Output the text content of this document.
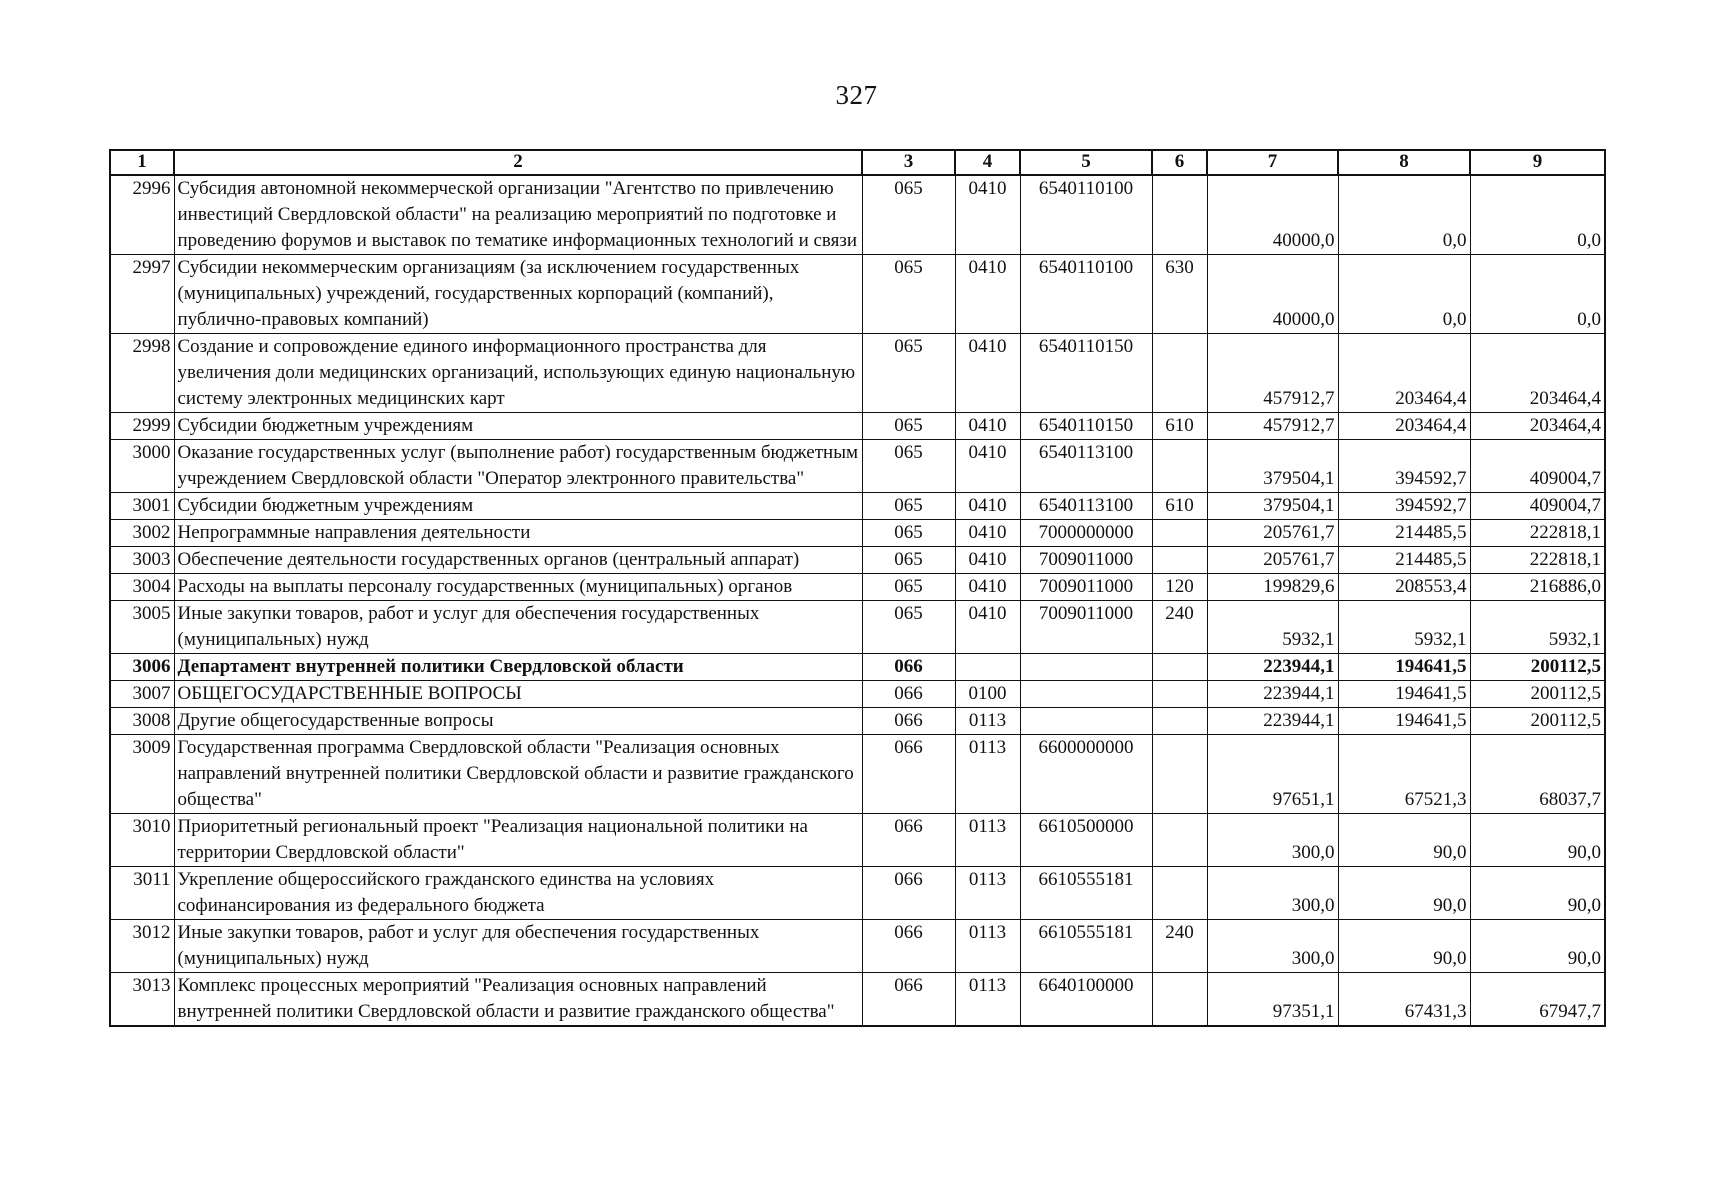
327
1	2	3	4	5	6	7	8	9
2996	Субсидия автономной некоммерческой организации "Агентство по привлечению инвестиций Свердловской области" на реализацию мероприятий по подготовке и проведению форумов и выставок по тематике информационных технологий и связи	065	0410	6540110100		40000,0	0,0	0,0
2997	Субсидии некоммерческим организациям (за исключением государственных (муниципальных) учреждений, государственных корпораций (компаний), публично-правовых компаний)	065	0410	6540110100	630	40000,0	0,0	0,0
2998	Создание и сопровождение единого информационного пространства для увеличения доли медицинских организаций, использующих единую национальную систему электронных медицинских карт	065	0410	6540110150		457912,7	203464,4	203464,4
2999	Субсидии бюджетным учреждениям	065	0410	6540110150	610	457912,7	203464,4	203464,4
3000	Оказание государственных услуг (выполнение работ) государственным бюджетным учреждением Свердловской области "Оператор электронного правительства"	065	0410	6540113100		379504,1	394592,7	409004,7
3001	Субсидии бюджетным учреждениям	065	0410	6540113100	610	379504,1	394592,7	409004,7
3002	Непрограммные направления деятельности	065	0410	7000000000		205761,7	214485,5	222818,1
3003	Обеспечение деятельности государственных органов (центральный аппарат)	065	0410	7009011000		205761,7	214485,5	222818,1
3004	Расходы на выплаты персоналу государственных (муниципальных) органов	065	0410	7009011000	120	199829,6	208553,4	216886,0
3005	Иные закупки товаров, работ и услуг для обеспечения государственных (муниципальных) нужд	065	0410	7009011000	240	5932,1	5932,1	5932,1
3006	Департамент внутренней политики Свердловской области	066				223944,1	194641,5	200112,5
3007	ОБЩЕГОСУДАРСТВЕННЫЕ ВОПРОСЫ	066	0100			223944,1	194641,5	200112,5
3008	Другие общегосударственные вопросы	066	0113			223944,1	194641,5	200112,5
3009	Государственная программа Свердловской области "Реализация основных направлений внутренней политики Свердловской области и развитие гражданского общества"	066	0113	6600000000		97651,1	67521,3	68037,7
3010	Приоритетный региональный проект "Реализация национальной политики на территории Свердловской области"	066	0113	6610500000		300,0	90,0	90,0
3011	Укрепление общероссийского гражданского единства на условиях софинансирования из федерального бюджета	066	0113	6610555181		300,0	90,0	90,0
3012	Иные закупки товаров, работ и услуг для обеспечения государственных (муниципальных) нужд	066	0113	6610555181	240	300,0	90,0	90,0
3013	Комплекс процессных мероприятий "Реализация основных направлений внутренней политики Свердловской области и развитие гражданского общества"	066	0113	6640100000		97351,1	67431,3	67947,7
